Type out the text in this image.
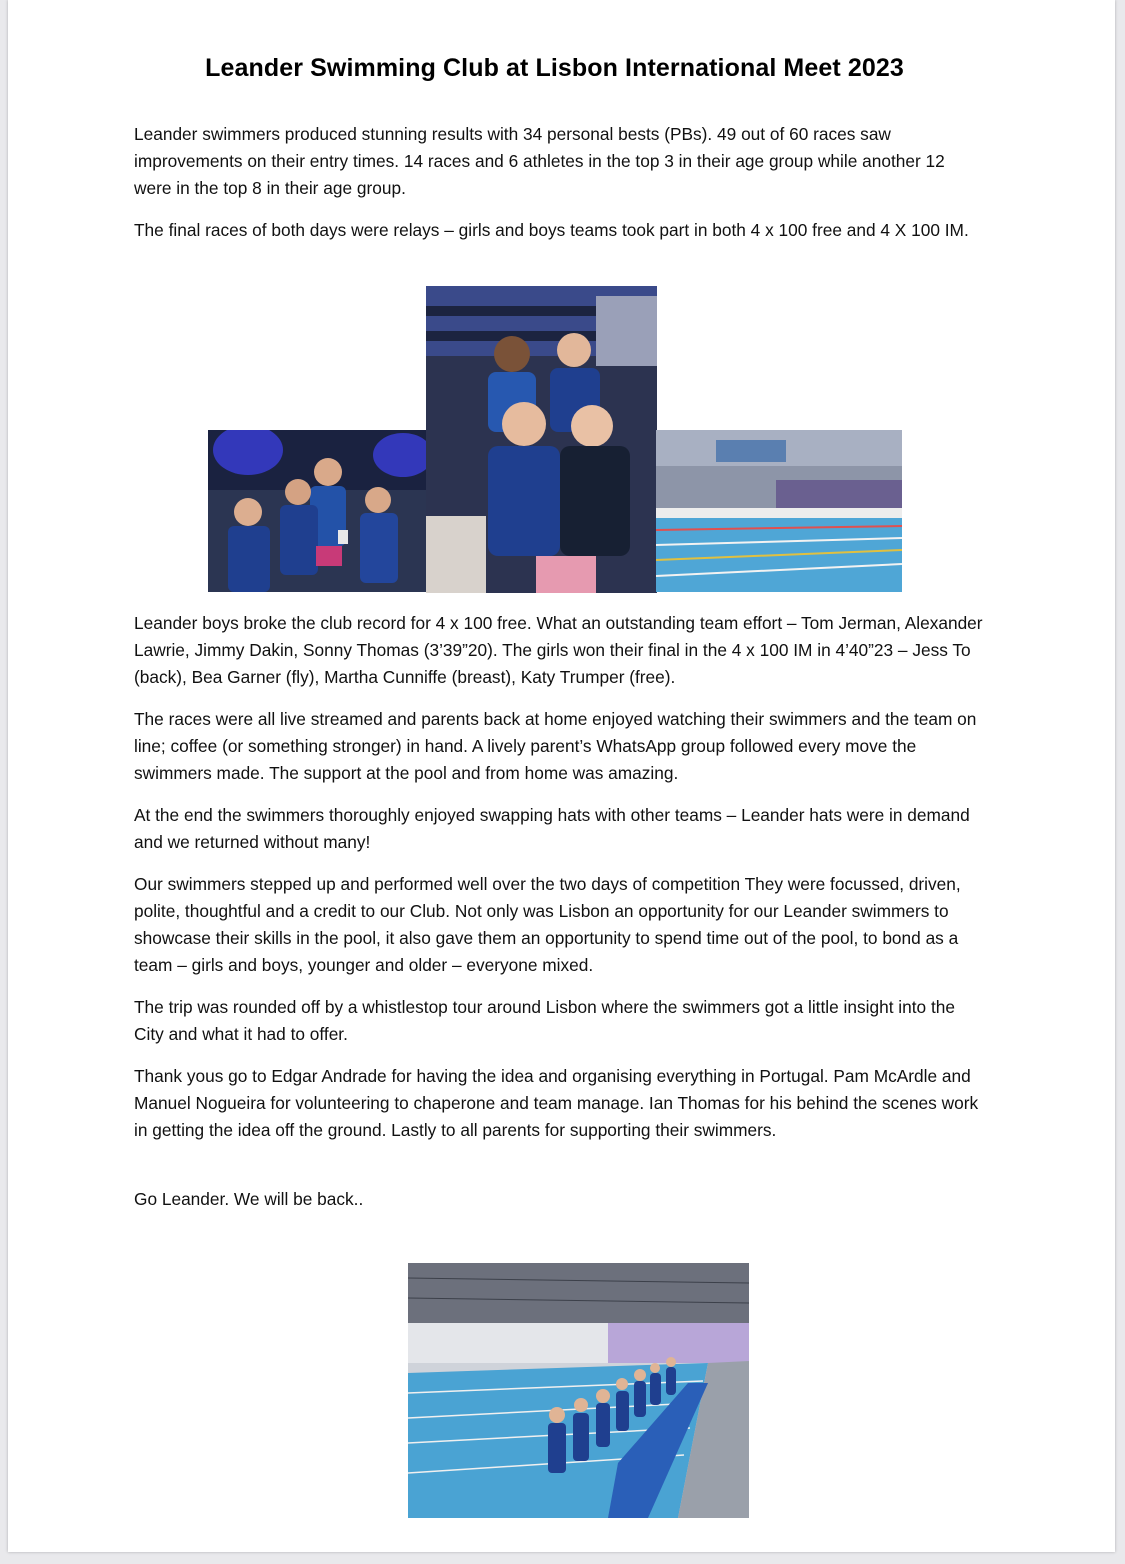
Leander Swimming Club at Lisbon International Meet 2023

Leander swimmers produced stunning results with 34 personal bests (PBs). 49 out of 60 races saw improvements on their entry times. 14 races and 6 athletes in the top 3 in their age group while another 12 were in the top 8 in their age group.

The final races of both days were relays – girls and boys teams took part in both 4 x 100 free and 4 X 100 IM.

Leander boys broke the club record for 4 x 100 free. What an outstanding team effort – Tom Jerman, Alexander Lawrie, Jimmy Dakin, Sonny Thomas (3’39”20). The girls won their final in the 4 x 100 IM in 4’40”23 – Jess To (back), Bea Garner (fly), Martha Cunniffe (breast), Katy Trumper (free).

The races were all live streamed and parents back at home enjoyed watching their swimmers and the team on line; coffee (or something stronger) in hand. A lively parent’s WhatsApp group followed every move the swimmers made. The support at the pool and from home was amazing.

At the end the swimmers thoroughly enjoyed swapping hats with other teams – Leander hats were in demand and we returned without many!

Our swimmers stepped up and performed well over the two days of competition They were focussed, driven, polite, thoughtful and a credit to our Club. Not only was Lisbon an opportunity for our Leander swimmers to showcase their skills in the pool, it also gave them an opportunity to spend time out of the pool, to bond as a team – girls and boys, younger and older – everyone mixed.

The trip was rounded off by a whistlestop tour around Lisbon where the swimmers got a little insight into the City and what it had to offer.

Thank yous go to Edgar Andrade for having the idea and organising everything in Portugal. Pam McArdle and Manuel Nogueira for volunteering to chaperone and team manage. Ian Thomas for his behind the scenes work in getting the idea off the ground. Lastly to all parents for supporting their swimmers.

Go Leander. We will be back..
